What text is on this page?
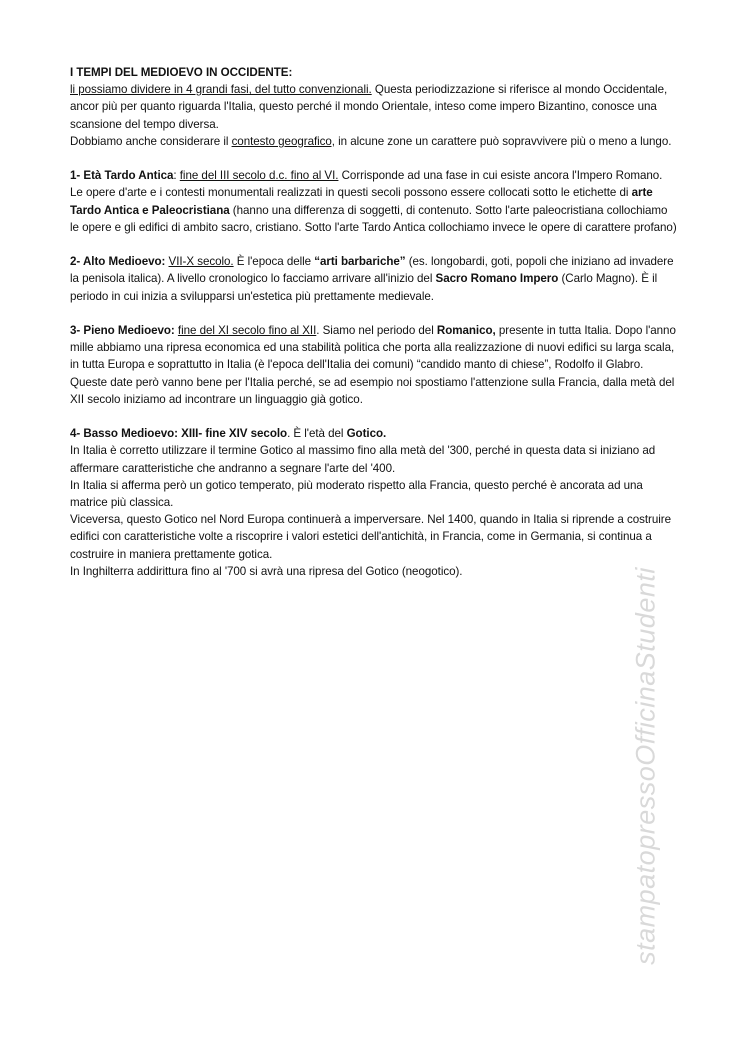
I TEMPI DEL MEDIOEVO IN OCCIDENTE:

li possiamo dividere in 4 grandi fasi, del tutto convenzionali. Questa periodizzazione si riferisce al mondo Occidentale, ancor più per quanto riguarda l'Italia, questo perché il mondo Orientale, inteso come impero Bizantino, conosce una scansione del tempo diversa.

Dobbiamo anche considerare il contesto geografico, in alcune zone un carattere può sopravvivere più o meno a lungo.

1- Età Tardo Antica: fine del III secolo d.c. fino al VI. Corrisponde ad una fase in cui esiste ancora l'Impero Romano. Le opere d'arte e i contesti monumentali realizzati in questi secoli possono essere collocati sotto le etichette di arte Tardo Antica e Paleocristiana (hanno una differenza di soggetti, di contenuto. Sotto l'arte paleocristiana collochiamo le opere e gli edifici di ambito sacro, cristiano. Sotto l'arte Tardo Antica collochiamo invece le opere di carattere profano)

2- Alto Medioevo: VII-X secolo. È l'epoca delle “arti barbariche” (es. longobardi, goti, popoli che iniziano ad invadere la penisola italica). A livello cronologico lo facciamo arrivare all'inizio del Sacro Romano Impero (Carlo Magno). È il periodo in cui inizia a svilupparsi un'estetica più prettamente medievale.

3- Pieno Medioevo: fine del XI secolo fino al XII. Siamo nel periodo del Romanico, presente in tutta Italia. Dopo l'anno mille abbiamo una ripresa economica ed una stabilità politica che porta alla realizzazione di nuovi edifici su larga scala, in tutta Europa e soprattutto in Italia (è l'epoca dell'Italia dei comuni) “candido manto di chiese”, Rodolfo il Glabro. Queste date però vanno bene per l'Italia perché, se ad esempio noi spostiamo l'attenzione sulla Francia, dalla metà del XII secolo iniziamo ad incontrare un linguaggio già gotico.

4- Basso Medioevo: XIII- fine XIV secolo. È l'età del Gotico.

In Italia è corretto utilizzare il termine Gotico al massimo fino alla metà del '300, perché in questa data si iniziano ad affermare caratteristiche che andranno a segnare l'arte del '400.

In Italia si afferma però un gotico temperato, più moderato rispetto alla Francia, questo perché è ancorata ad una matrice più classica.

Viceversa, questo Gotico nel Nord Europa continuerà a imperversare. Nel 1400, quando in Italia si riprende a costruire edifici con caratteristiche volte a riscoprire i valori estetici dell'antichità, in Francia, come in Germania, si continua a costruire in maniera prettamente gotica.

In Inghilterra addirittura fino al '700 si avrà una ripresa del Gotico (neogotico).	stampatopressoOfficinaStudenti
